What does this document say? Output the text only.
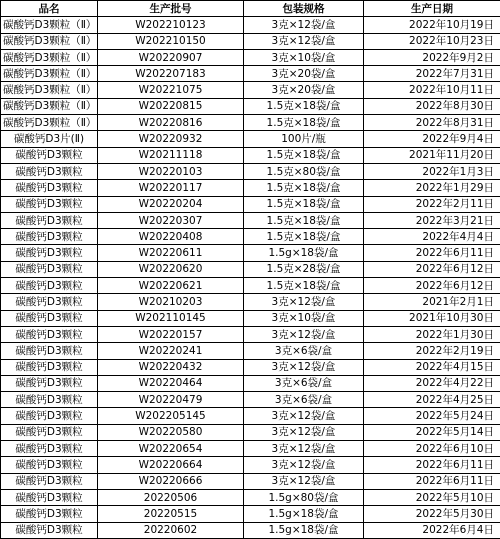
品名	生产批号	包装规格	生产日期
碳酸钙D3颗粒（Ⅱ）	W202210123	3克×12袋/盒	2022年10月19日
碳酸钙D3颗粒（Ⅱ）	W202210150	3克×12袋/盒	2022年10月23日
碳酸钙D3颗粒（Ⅱ）	W20220907	3克×10袋/盒	2022年9月2日
碳酸钙D3颗粒（Ⅱ）	W202207183	3克×20袋/盒	2022年7月31日
碳酸钙D3颗粒（Ⅱ）	W20221075	3克×20袋/盒	2022年10月11日
碳酸钙D3颗粒（Ⅱ）	W20220815	1.5克×18袋/盒	2022年8月30日
碳酸钙D3颗粒（Ⅱ）	W20220816	1.5克×18袋/盒	2022年8月31日
碳酸钙D3片(Ⅱ)	W20220932	100片/瓶	2022年9月4日
碳酸钙D3颗粒	W20211118	1.5克×18袋/盒	2021年11月20日
碳酸钙D3颗粒	W20220103	1.5克×80袋/盒	2022年1月3日
碳酸钙D3颗粒	W20220117	1.5克×18袋/盒	2022年1月29日
碳酸钙D3颗粒	W20220204	1.5克×18袋/盒	2022年2月11日
碳酸钙D3颗粒	W20220307	1.5克×18袋/盒	2022年3月21日
碳酸钙D3颗粒	W20220408	1.5克×18袋/盒	2022年4月4日
碳酸钙D3颗粒	W20220611	1.5g×18袋/盒	2022年6月11日
碳酸钙D3颗粒	W20220620	1.5克×28袋/盒	2022年6月12日
碳酸钙D3颗粒	W20220621	1.5克×18袋/盒	2022年6月12日
碳酸钙D3颗粒	W20210203	3克×12袋/盒	2021年2月1日
碳酸钙D3颗粒	W202110145	3克×10袋/盒	2021年10月30日
碳酸钙D3颗粒	W20220157	3克×12袋/盒	2022年1月30日
碳酸钙D3颗粒	W20220241	3克×6袋/盒	2022年2月19日
碳酸钙D3颗粒	W20220432	3克×12袋/盒	2022年4月15日
碳酸钙D3颗粒	W20220464	3克×6袋/盒	2022年4月22日
碳酸钙D3颗粒	W20220479	3克×6袋/盒	2022年4月25日
碳酸钙D3颗粒	W202205145	3克×12袋/盒	2022年5月24日
碳酸钙D3颗粒	W20220580	3克×12袋/盒	2022年5月14日
碳酸钙D3颗粒	W20220654	3克×12袋/盒	2022年6月10日
碳酸钙D3颗粒	W20220664	3克×12袋/盒	2022年6月11日
碳酸钙D3颗粒	W20220666	3克×12袋/盒	2022年6月11日
碳酸钙D3颗粒	20220506	1.5g×80袋/盒	2022年5月10日
碳酸钙D3颗粒	20220515	1.5g×18袋/盒	2022年5月30日
碳酸钙D3颗粒	20220602	1.5g×18袋/盒	2022年6月4日
